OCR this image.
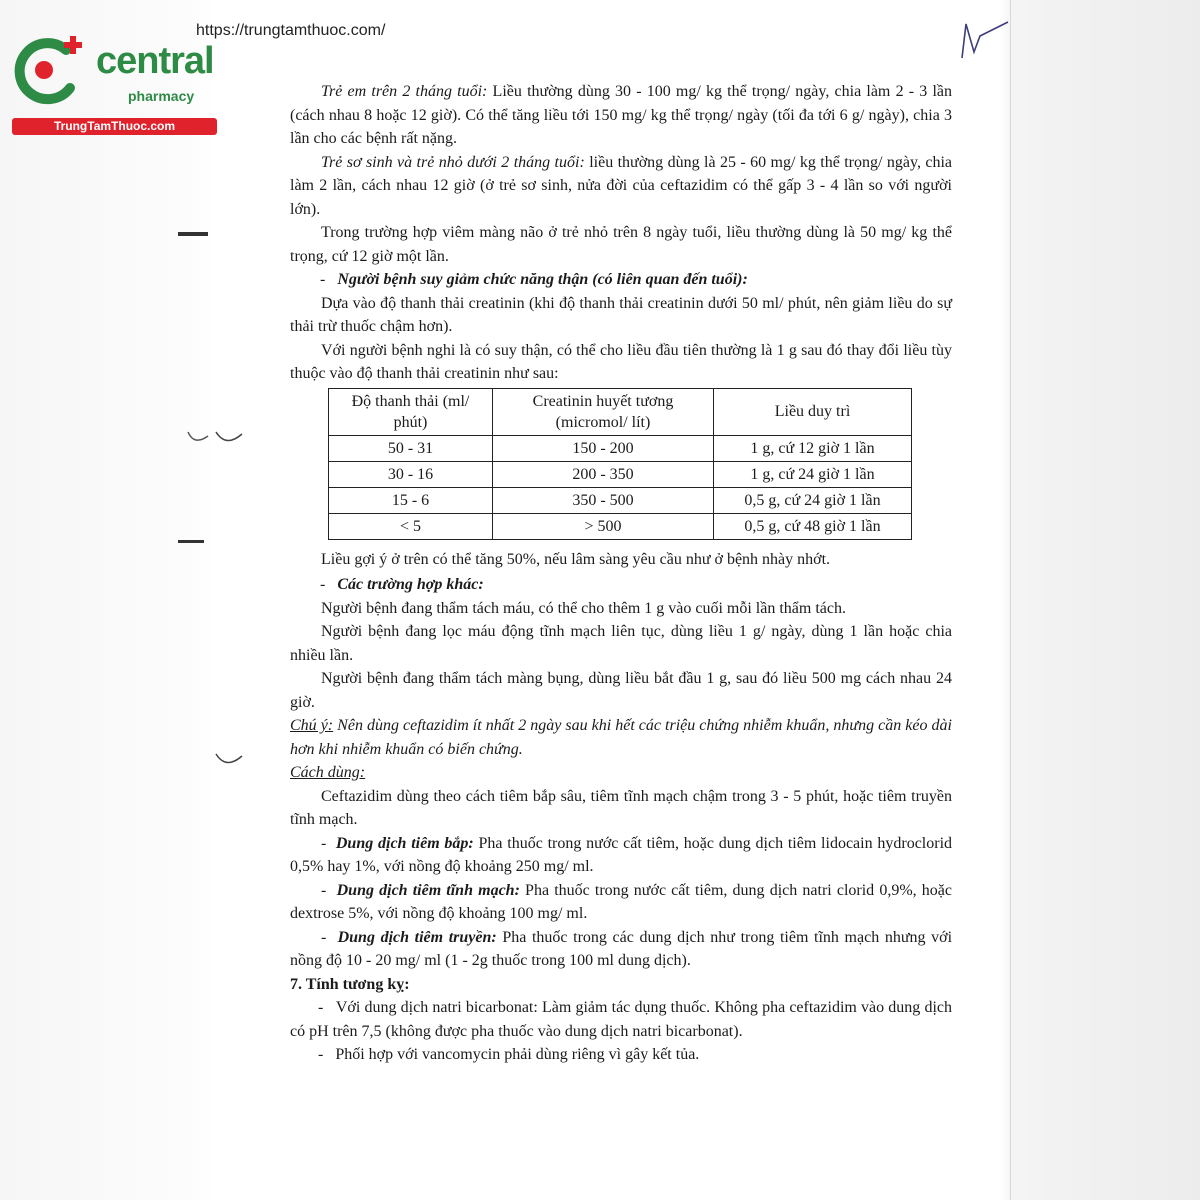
https://trungtamthuoc.com/
central
pharmacy
TrungTamThuoc.com

Trẻ em trên 2 tháng tuổi: Liều thường dùng 30 - 100 mg/ kg thể trọng/ ngày, chia làm 2 - 3 lần (cách nhau 8 hoặc 12 giờ). Có thể tăng liều tới 150 mg/ kg thể trọng/ ngày (tối đa tới 6 g/ ngày), chia 3 lần cho các bệnh rất nặng.

Trẻ sơ sinh và trẻ nhỏ dưới 2 tháng tuổi: liều thường dùng là 25 - 60 mg/ kg thể trọng/ ngày, chia làm 2 lần, cách nhau 12 giờ (ở trẻ sơ sinh, nửa đời của ceftazidim có thể gấp 3 - 4 lần so với người lớn).

Trong trường hợp viêm màng não ở trẻ nhỏ trên 8 ngày tuổi, liều thường dùng là 50 mg/ kg thể trọng, cứ 12 giờ một lần.

-   Người bệnh suy giảm chức năng thận (có liên quan đến tuổi):

Dựa vào độ thanh thải creatinin (khi độ thanh thải creatinin dưới 50 ml/ phút, nên giảm liều do sự thải trừ thuốc chậm hơn).

Với người bệnh nghi là có suy thận, có thể cho liều đầu tiên thường là 1 g sau đó thay đổi liều tùy thuộc vào độ thanh thải creatinin như sau:

Độ thanh thải (ml/ phút)	Creatinin huyết tương (micromol/ lít)	Liều duy trì
50 - 31	150 - 200	1 g, cứ 12 giờ 1 lần
30 - 16	200 - 350	1 g, cứ 24 giờ 1 lần
15 - 6	350 - 500	0,5 g, cứ 24 giờ 1 lần
< 5	> 500	0,5 g, cứ 48 giờ 1 lần

Liều gợi ý ở trên có thể tăng 50%, nếu lâm sàng yêu cầu như ở bệnh nhày nhớt.

-   Các trường hợp khác:

Người bệnh đang thẩm tách máu, có thể cho thêm 1 g vào cuối mỗi lần thẩm tách.

Người bệnh đang lọc máu động tĩnh mạch liên tục, dùng liều 1 g/ ngày, dùng 1 lần hoặc chia nhiều lần.

Người bệnh đang thẩm tách màng bụng, dùng liều bắt đầu 1 g, sau đó liều 500 mg cách nhau 24 giờ.

Chú ý: Nên dùng ceftazidim ít nhất 2 ngày sau khi hết các triệu chứng nhiễm khuẩn, nhưng cần kéo dài hơn khi nhiễm khuẩn có biến chứng.

Cách dùng:

Ceftazidim dùng theo cách tiêm bắp sâu, tiêm tĩnh mạch chậm trong 3 - 5 phút, hoặc tiêm truyền tĩnh mạch.

-  Dung dịch tiêm bắp: Pha thuốc trong nước cất tiêm, hoặc dung dịch tiêm lidocain hydroclorid 0,5% hay 1%, với nồng độ khoảng 250 mg/ ml.

-  Dung dịch tiêm tĩnh mạch: Pha thuốc trong nước cất tiêm, dung dịch natri clorid 0,9%, hoặc dextrose 5%, với nồng độ khoảng 100 mg/ ml.

-  Dung dịch tiêm truyền: Pha thuốc trong các dung dịch như trong tiêm tĩnh mạch nhưng với nồng độ 10 - 20 mg/ ml (1 - 2g thuốc trong 100 ml dung dịch).

7. Tính tương kỵ:

-   Với dung dịch natri bicarbonat: Làm giảm tác dụng thuốc. Không pha ceftazidim vào dung dịch có pH trên 7,5 (không được pha thuốc vào dung dịch natri bicarbonat).

-   Phối hợp với vancomycin phải dùng riêng vì gây kết tủa.
